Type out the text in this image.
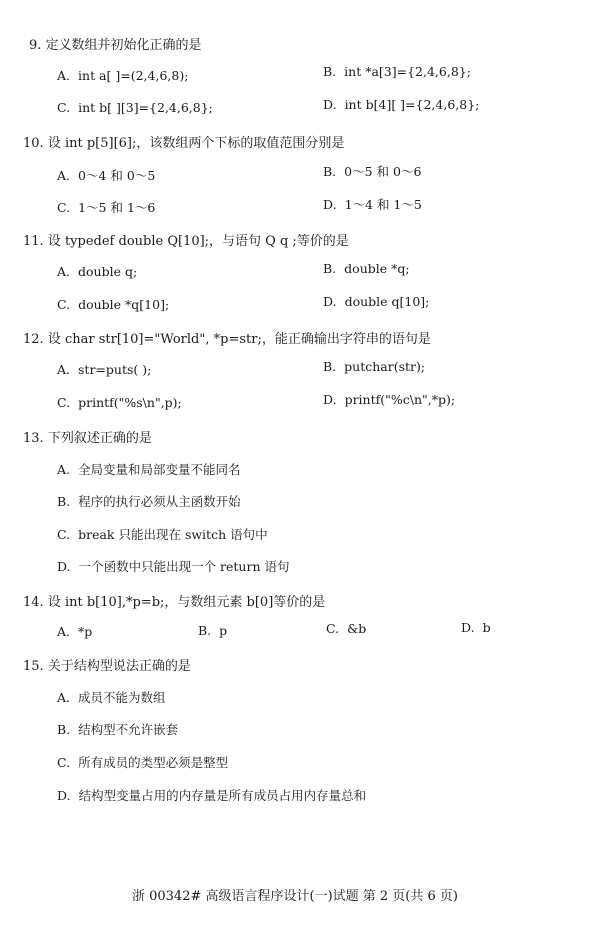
9. 定义数组并初始化正确的是
A. int a[ ]=(2,4,6,8);	B. int *a[3]={2,4,6,8};
C. int b[ ][3]={2,4,6,8};	D. int b[4][ ]={2,4,6,8};
10. 设 int p[5][6];，该数组两个下标的取值范围分别是
A. 0～4 和 0～5	B. 0～5 和 0～6
C. 1～5 和 1～6	D. 1～4 和 1～5
11. 设 typedef double Q[10];，与语句 Q q ;等价的是
A. double q;	B. double *q;
C. double *q[10];	D. double q[10];
12. 设 char str[10]="World", *p=str;，能正确输出字符串的语句是
A. str=puts( );	B. putchar(str);
C. printf("%s\n",p);	D. printf("%c\n",*p);
13. 下列叙述正确的是
A. 全局变量和局部变量不能同名
B. 程序的执行必须从主函数开始
C. break 只能出现在 switch 语句中
D. 一个函数中只能出现一个 return 语句
14. 设 int b[10],*p=b;，与数组元素 b[0]等价的是
A. *p	B. p	C. &b	D. b
15. 关于结构型说法正确的是
A. 成员不能为数组
B. 结构型不允许嵌套
C. 所有成员的类型必须是整型
D. 结构型变量占用的内存量是所有成员占用内存量总和
浙 00342# 高级语言程序设计(一)试题 第 2 页(共 6 页)
